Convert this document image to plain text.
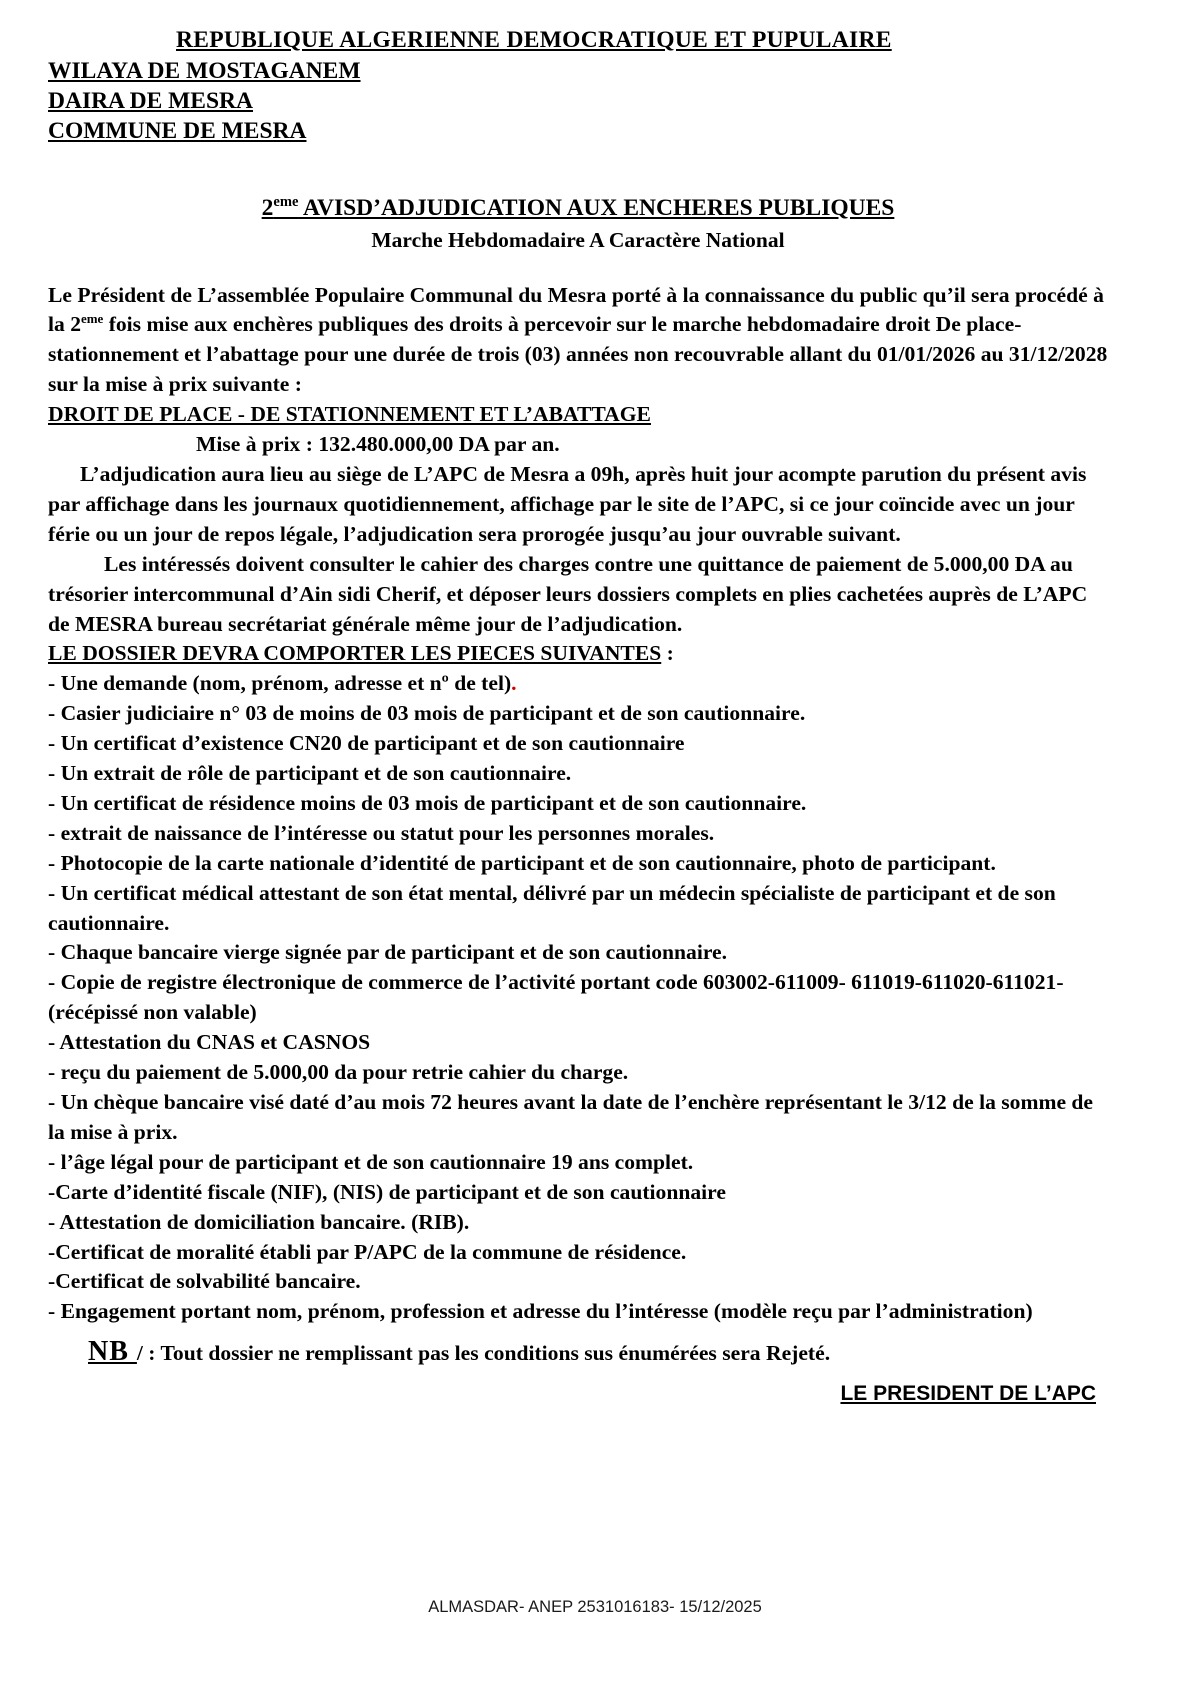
REPUBLIQUE ALGERIENNE DEMOCRATIQUE ET PUPULAIRE
WILAYA DE MOSTAGANEM
DAIRA DE MESRA
COMMUNE DE MESRA
2eme AVISD’ADJUDICATION AUX ENCHERES PUBLIQUES
Marche Hebdomadaire A Caractère National

Le Président de L’assemblée Populaire Communal du Mesra porté à la connaissance du public qu’il sera procédé à la 2eme fois mise aux enchères publiques des droits à percevoir sur le marche hebdomadaire droit De place- stationnement et l’abattage pour une durée de trois (03) années non recouvrable allant du 01/01/2026 au 31/12/2028 sur la mise à prix suivante :

DROIT DE PLACE - DE STATIONNEMENT ET L’ABATTAGE

Mise à prix : 132.480.000,00 DA par an.

L’adjudication aura lieu au siège de L’APC de Mesra a 09h, après huit jour acompte parution du présent avis par affichage dans les journaux quotidiennement, affichage par le site de l’APC, si ce jour coïncide avec un jour férie ou un jour de repos légale, l’adjudication sera prorogée jusqu’au jour ouvrable suivant.

Les intéressés doivent consulter le cahier des charges contre une quittance de paiement de 5.000,00 DA au trésorier intercommunal d’Ain sidi Cherif, et déposer leurs dossiers complets en plies cachetées auprès de L’APC de MESRA bureau secrétariat générale même jour de l’adjudication.

LE DOSSIER DEVRA COMPORTER LES PIECES SUIVANTES :

- Une demande (nom, prénom, adresse et nº de tel).

- Casier judiciaire n° 03 de moins de 03 mois de participant et de son cautionnaire.

- Un certificat d’existence CN20 de participant et de son cautionnaire

- Un extrait de rôle de participant et de son cautionnaire.

- Un certificat de résidence moins de 03 mois de participant et de son cautionnaire.

- extrait de naissance de l’intéresse ou statut pour les personnes morales.

- Photocopie de la carte nationale d’identité de participant et de son cautionnaire, photo de participant.

- Un certificat médical attestant de son état mental, délivré par un médecin spécialiste de participant et de son cautionnaire.

- Chaque bancaire vierge signée par de participant et de son cautionnaire.

- Copie de registre électronique de commerce de l’activité portant code 603002-611009- 611019-611020-611021- (récépissé non valable)

- Attestation du CNAS et CASNOS

- reçu du paiement de 5.000,00 da pour retrie cahier du charge.

- Un chèque bancaire visé daté d’au mois 72 heures avant la date de l’enchère représentant le 3/12 de la somme de la mise à prix.

- l’âge légal pour de participant et de son cautionnaire 19 ans complet.

-Carte d’identité fiscale (NIF), (NIS) de participant et de son cautionnaire

- Attestation de domiciliation bancaire. (RIB).

-Certificat de moralité établi par P/APC de la commune de résidence.

-Certificat de solvabilité bancaire.

- Engagement portant nom, prénom, profession et adresse du l’intéresse (modèle reçu par l’administration)

NB / : Tout dossier ne remplissant pas les conditions sus énumérées sera Rejeté.
LE PRESIDENT DE L’APC
ALMASDAR- ANEP 2531016183- 15/12/2025
